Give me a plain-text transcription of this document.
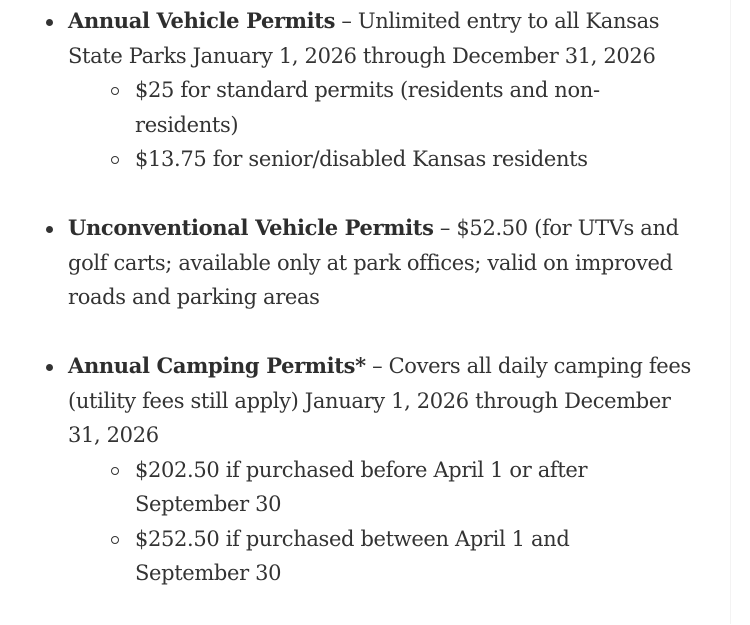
Annual Vehicle Permits – Unlimited entry to all Kansas State Parks January 1, 2026 through December 31, 2026
$25 for standard permits (residents and non-residents)
$13.75 for senior/disabled Kansas residents
Unconventional Vehicle Permits – $52.50 (for UTVs and golf carts; available only at park offices; valid on improved roads and parking areas
Annual Camping Permits* – Covers all daily camping fees (utility fees still apply) January 1, 2026 through December 31, 2026
$202.50 if purchased before April 1 or after September 30
$252.50 if purchased between April 1 and September 30
